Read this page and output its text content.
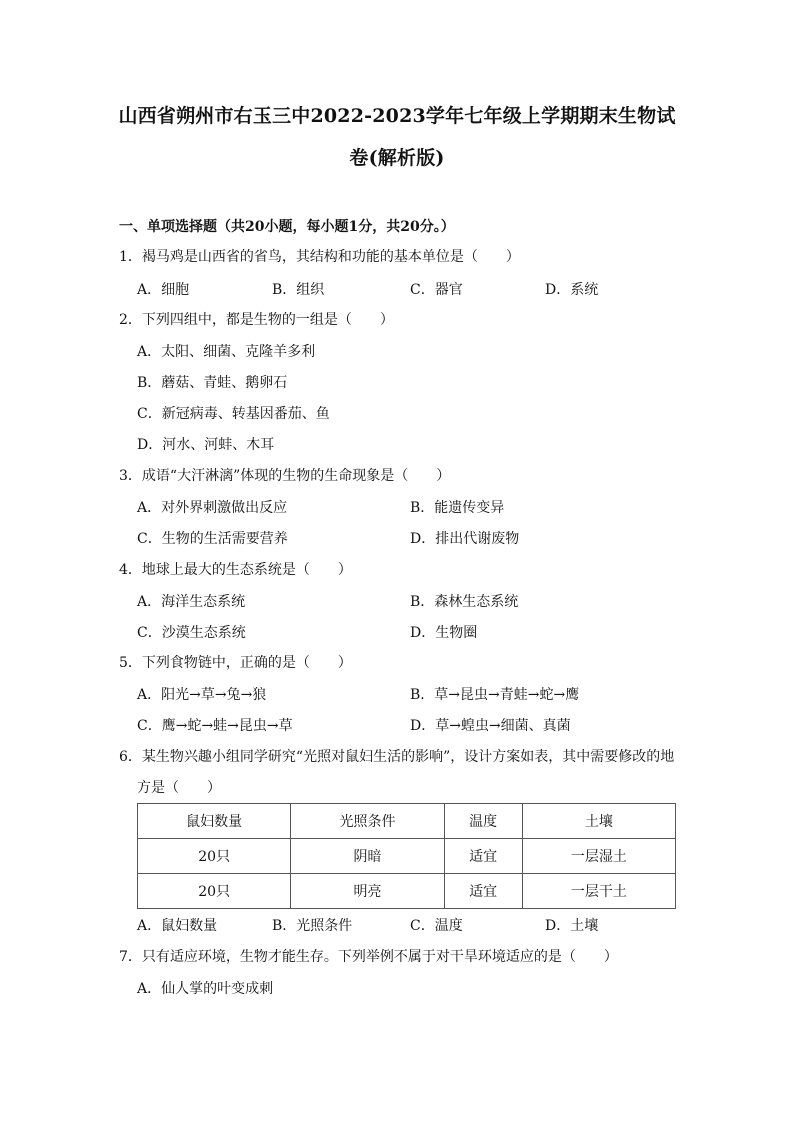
山西省朔州市右玉三中2022-2023学年七年级上学期期末生物试
卷(解析版)
一、单项选择题（共20小题，每小题1分，共20分。）
1．褐马鸡是山西省的省鸟，其结构和功能的基本单位是（　　）
A．细胞	B．组织	C．器官	D．系统
2．下列四组中，都是生物的一组是（　　）
A．太阳、细菌、克隆羊多利
B．蘑菇、青蛙、鹅卵石
C．新冠病毒、转基因番茄、鱼
D．河水、河蚌、木耳
3．成语“大汗淋漓”体现的生物的生命现象是（　　）
A．对外界刺激做出反应	B．能遗传变异
C．生物的生活需要营养	D．排出代谢废物
4．地球上最大的生态系统是（　　）
A．海洋生态系统	B．森林生态系统
C．沙漠生态系统	D．生物圈
5．下列食物链中，正确的是（　　）
A．阳光→草→兔→狼	B．草→昆虫→青蛙→蛇→鹰
C．鹰→蛇→蛙→昆虫→草	D．草→蝗虫→细菌、真菌
6．某生物兴趣小组同学研究“光照对鼠妇生活的影响”，设计方案如表，其中需要修改的地
方是（　　）
鼠妇数量	光照条件	温度	土壤
20只	阴暗	适宜	一层湿土
20只	明亮	适宜	一层干土
A．鼠妇数量	B．光照条件	C．温度	D．土壤
7．只有适应环境，生物才能生存。下列举例不属于对干旱环境适应的是（　　）
A．仙人掌的叶变成刺
